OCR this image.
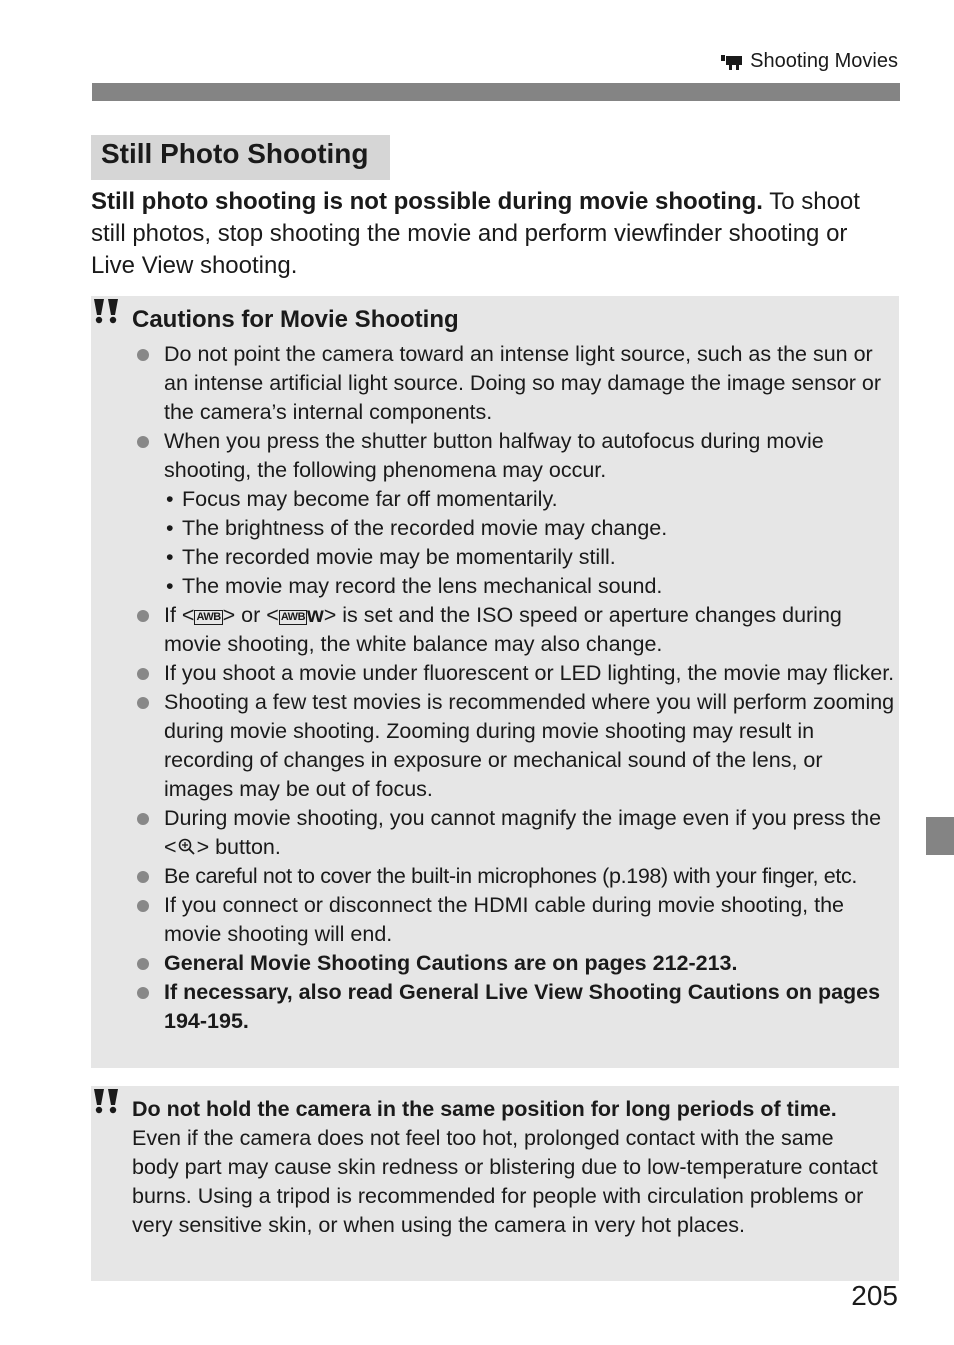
Shooting Movies
Still Photo Shooting
Still photo shooting is not possible during movie shooting. To shoot still photos, stop shooting the movie and perform viewfinder shooting or Live View shooting.
Cautions for Movie Shooting
Do not point the camera toward an intense light source, such as the sun or an intense artificial light source. Doing so may damage the image sensor or the camera’s internal components.
When you press the shutter button halfway to autofocus during movie shooting, the following phenomena may occur.
• Focus may become far off momentarily.
• The brightness of the recorded movie may change.
• The recorded movie may be momentarily still.
• The movie may record the lens mechanical sound.
If < AWB> or < AWBw> is set and the ISO speed or aperture changes during movie shooting, the white balance may also change.
If you shoot a movie under fluorescent or LED lighting, the movie may flicker.
Shooting a few test movies is recommended where you will perform zooming during movie shooting. Zooming during movie shooting may result in recording of changes in exposure or mechanical sound of the lens, or images may be out of focus.
During movie shooting, you cannot magnify the image even if you press the < > button.
Be careful not to cover the built-in microphones (p.198) with your finger, etc.
If you connect or disconnect the HDMI cable during movie shooting, the movie shooting will end.
General Movie Shooting Cautions are on pages 212-213.
If necessary, also read General Live View Shooting Cautions on pages 194-195.
Do not hold the camera in the same position for long periods of time.
Even if the camera does not feel too hot, prolonged contact with the same body part may cause skin redness or blistering due to low-temperature contact burns. Using a tripod is recommended for people with circulation problems or very sensitive skin, or when using the camera in very hot places.
205
